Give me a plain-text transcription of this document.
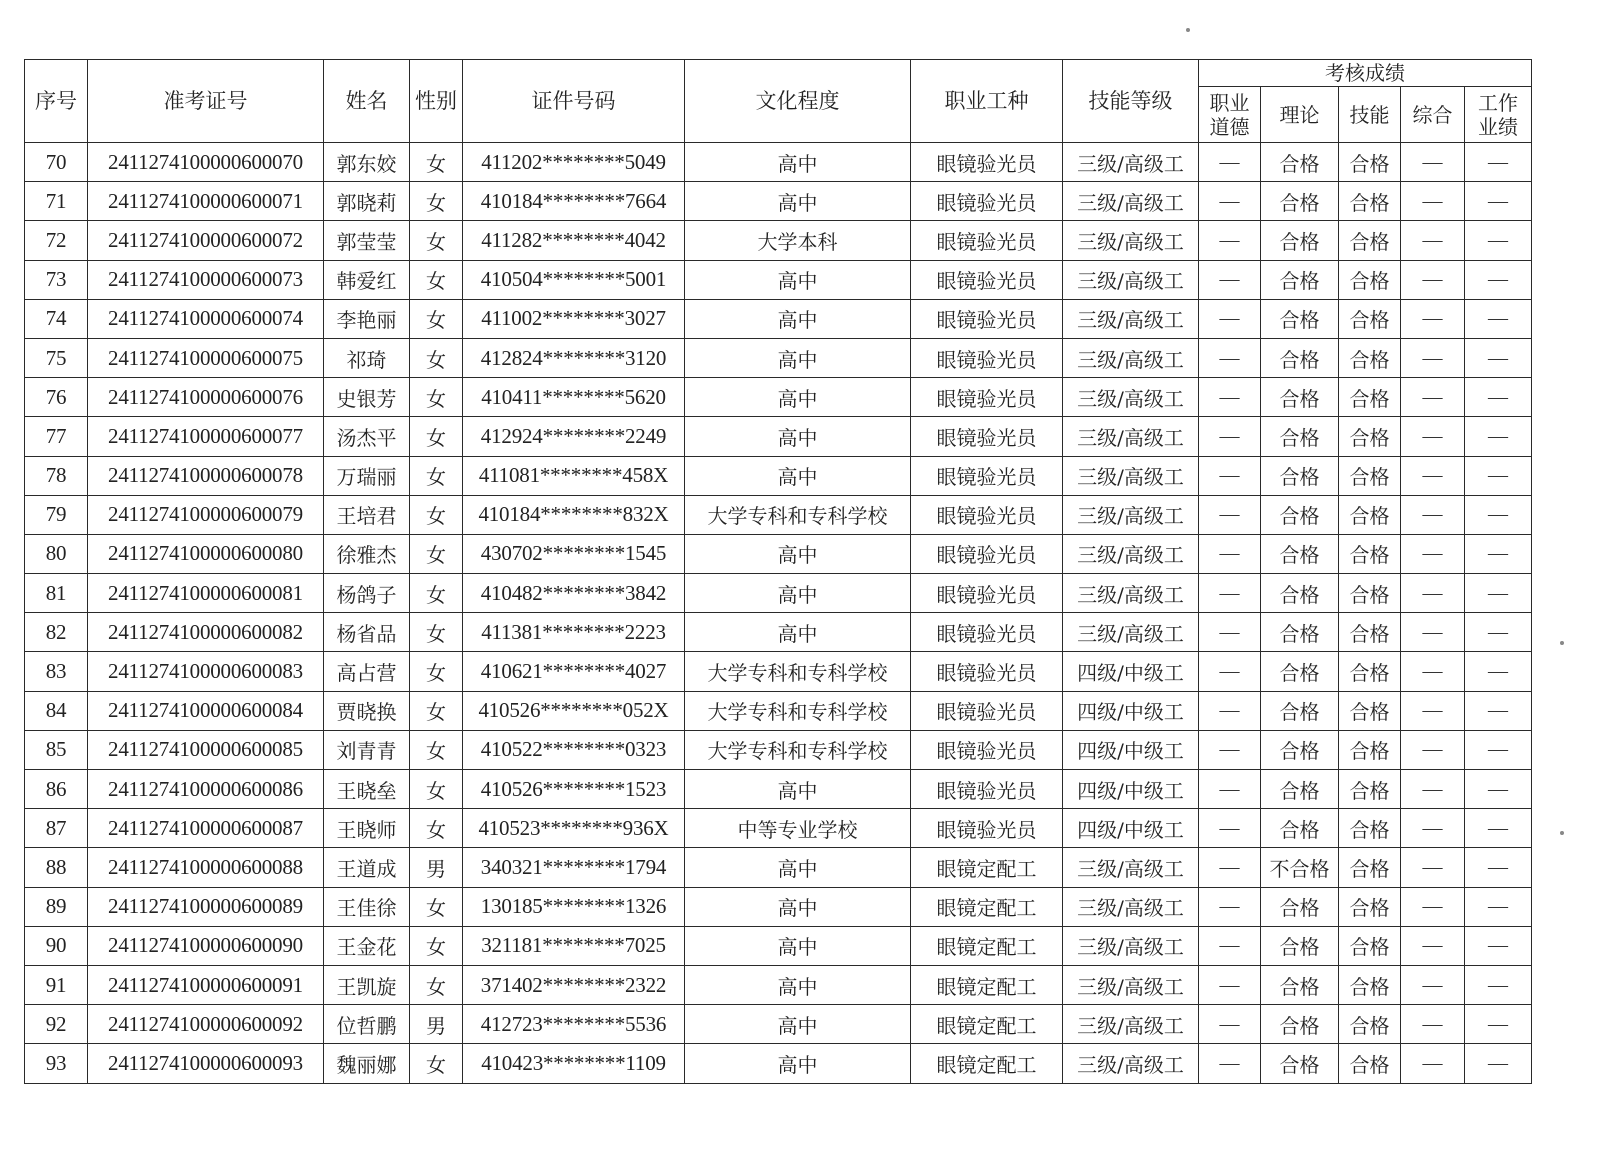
序号	准考证号	姓名	性别	证件号码	文化程度	职业工种	技能等级	考核成绩				
								职业道德	理论	技能	综合	工作业绩
70	2411274100000600070	郭东姣	女	411202********5049	高中	眼镜验光员	三级/高级工	—	合格	合格	—	—
71	2411274100000600071	郭晓莉	女	410184********7664	高中	眼镜验光员	三级/高级工	—	合格	合格	—	—
72	2411274100000600072	郭莹莹	女	411282********4042	大学本科	眼镜验光员	三级/高级工	—	合格	合格	—	—
73	2411274100000600073	韩爱红	女	410504********5001	高中	眼镜验光员	三级/高级工	—	合格	合格	—	—
74	2411274100000600074	李艳丽	女	411002********3027	高中	眼镜验光员	三级/高级工	—	合格	合格	—	—
75	2411274100000600075	祁琦	女	412824********3120	高中	眼镜验光员	三级/高级工	—	合格	合格	—	—
76	2411274100000600076	史银芳	女	410411********5620	高中	眼镜验光员	三级/高级工	—	合格	合格	—	—
77	2411274100000600077	汤杰平	女	412924********2249	高中	眼镜验光员	三级/高级工	—	合格	合格	—	—
78	2411274100000600078	万瑞丽	女	411081********458X	高中	眼镜验光员	三级/高级工	—	合格	合格	—	—
79	2411274100000600079	王培君	女	410184********832X	大学专科和专科学校	眼镜验光员	三级/高级工	—	合格	合格	—	—
80	2411274100000600080	徐雅杰	女	430702********1545	高中	眼镜验光员	三级/高级工	—	合格	合格	—	—
81	2411274100000600081	杨鸽子	女	410482********3842	高中	眼镜验光员	三级/高级工	—	合格	合格	—	—
82	2411274100000600082	杨省品	女	411381********2223	高中	眼镜验光员	三级/高级工	—	合格	合格	—	—
83	2411274100000600083	高占营	女	410621********4027	大学专科和专科学校	眼镜验光员	四级/中级工	—	合格	合格	—	—
84	2411274100000600084	贾晓换	女	410526********052X	大学专科和专科学校	眼镜验光员	四级/中级工	—	合格	合格	—	—
85	2411274100000600085	刘青青	女	410522********0323	大学专科和专科学校	眼镜验光员	四级/中级工	—	合格	合格	—	—
86	2411274100000600086	王晓垒	女	410526********1523	高中	眼镜验光员	四级/中级工	—	合格	合格	—	—
87	2411274100000600087	王晓师	女	410523********936X	中等专业学校	眼镜验光员	四级/中级工	—	合格	合格	—	—
88	2411274100000600088	王道成	男	340321********1794	高中	眼镜定配工	三级/高级工	—	不合格	合格	—	—
89	2411274100000600089	王佳徐	女	130185********1326	高中	眼镜定配工	三级/高级工	—	合格	合格	—	—
90	2411274100000600090	王金花	女	321181********7025	高中	眼镜定配工	三级/高级工	—	合格	合格	—	—
91	2411274100000600091	王凯旋	女	371402********2322	高中	眼镜定配工	三级/高级工	—	合格	合格	—	—
92	2411274100000600092	位哲鹏	男	412723********5536	高中	眼镜定配工	三级/高级工	—	合格	合格	—	—
93	2411274100000600093	魏丽娜	女	410423********1109	高中	眼镜定配工	三级/高级工	—	合格	合格	—	—
